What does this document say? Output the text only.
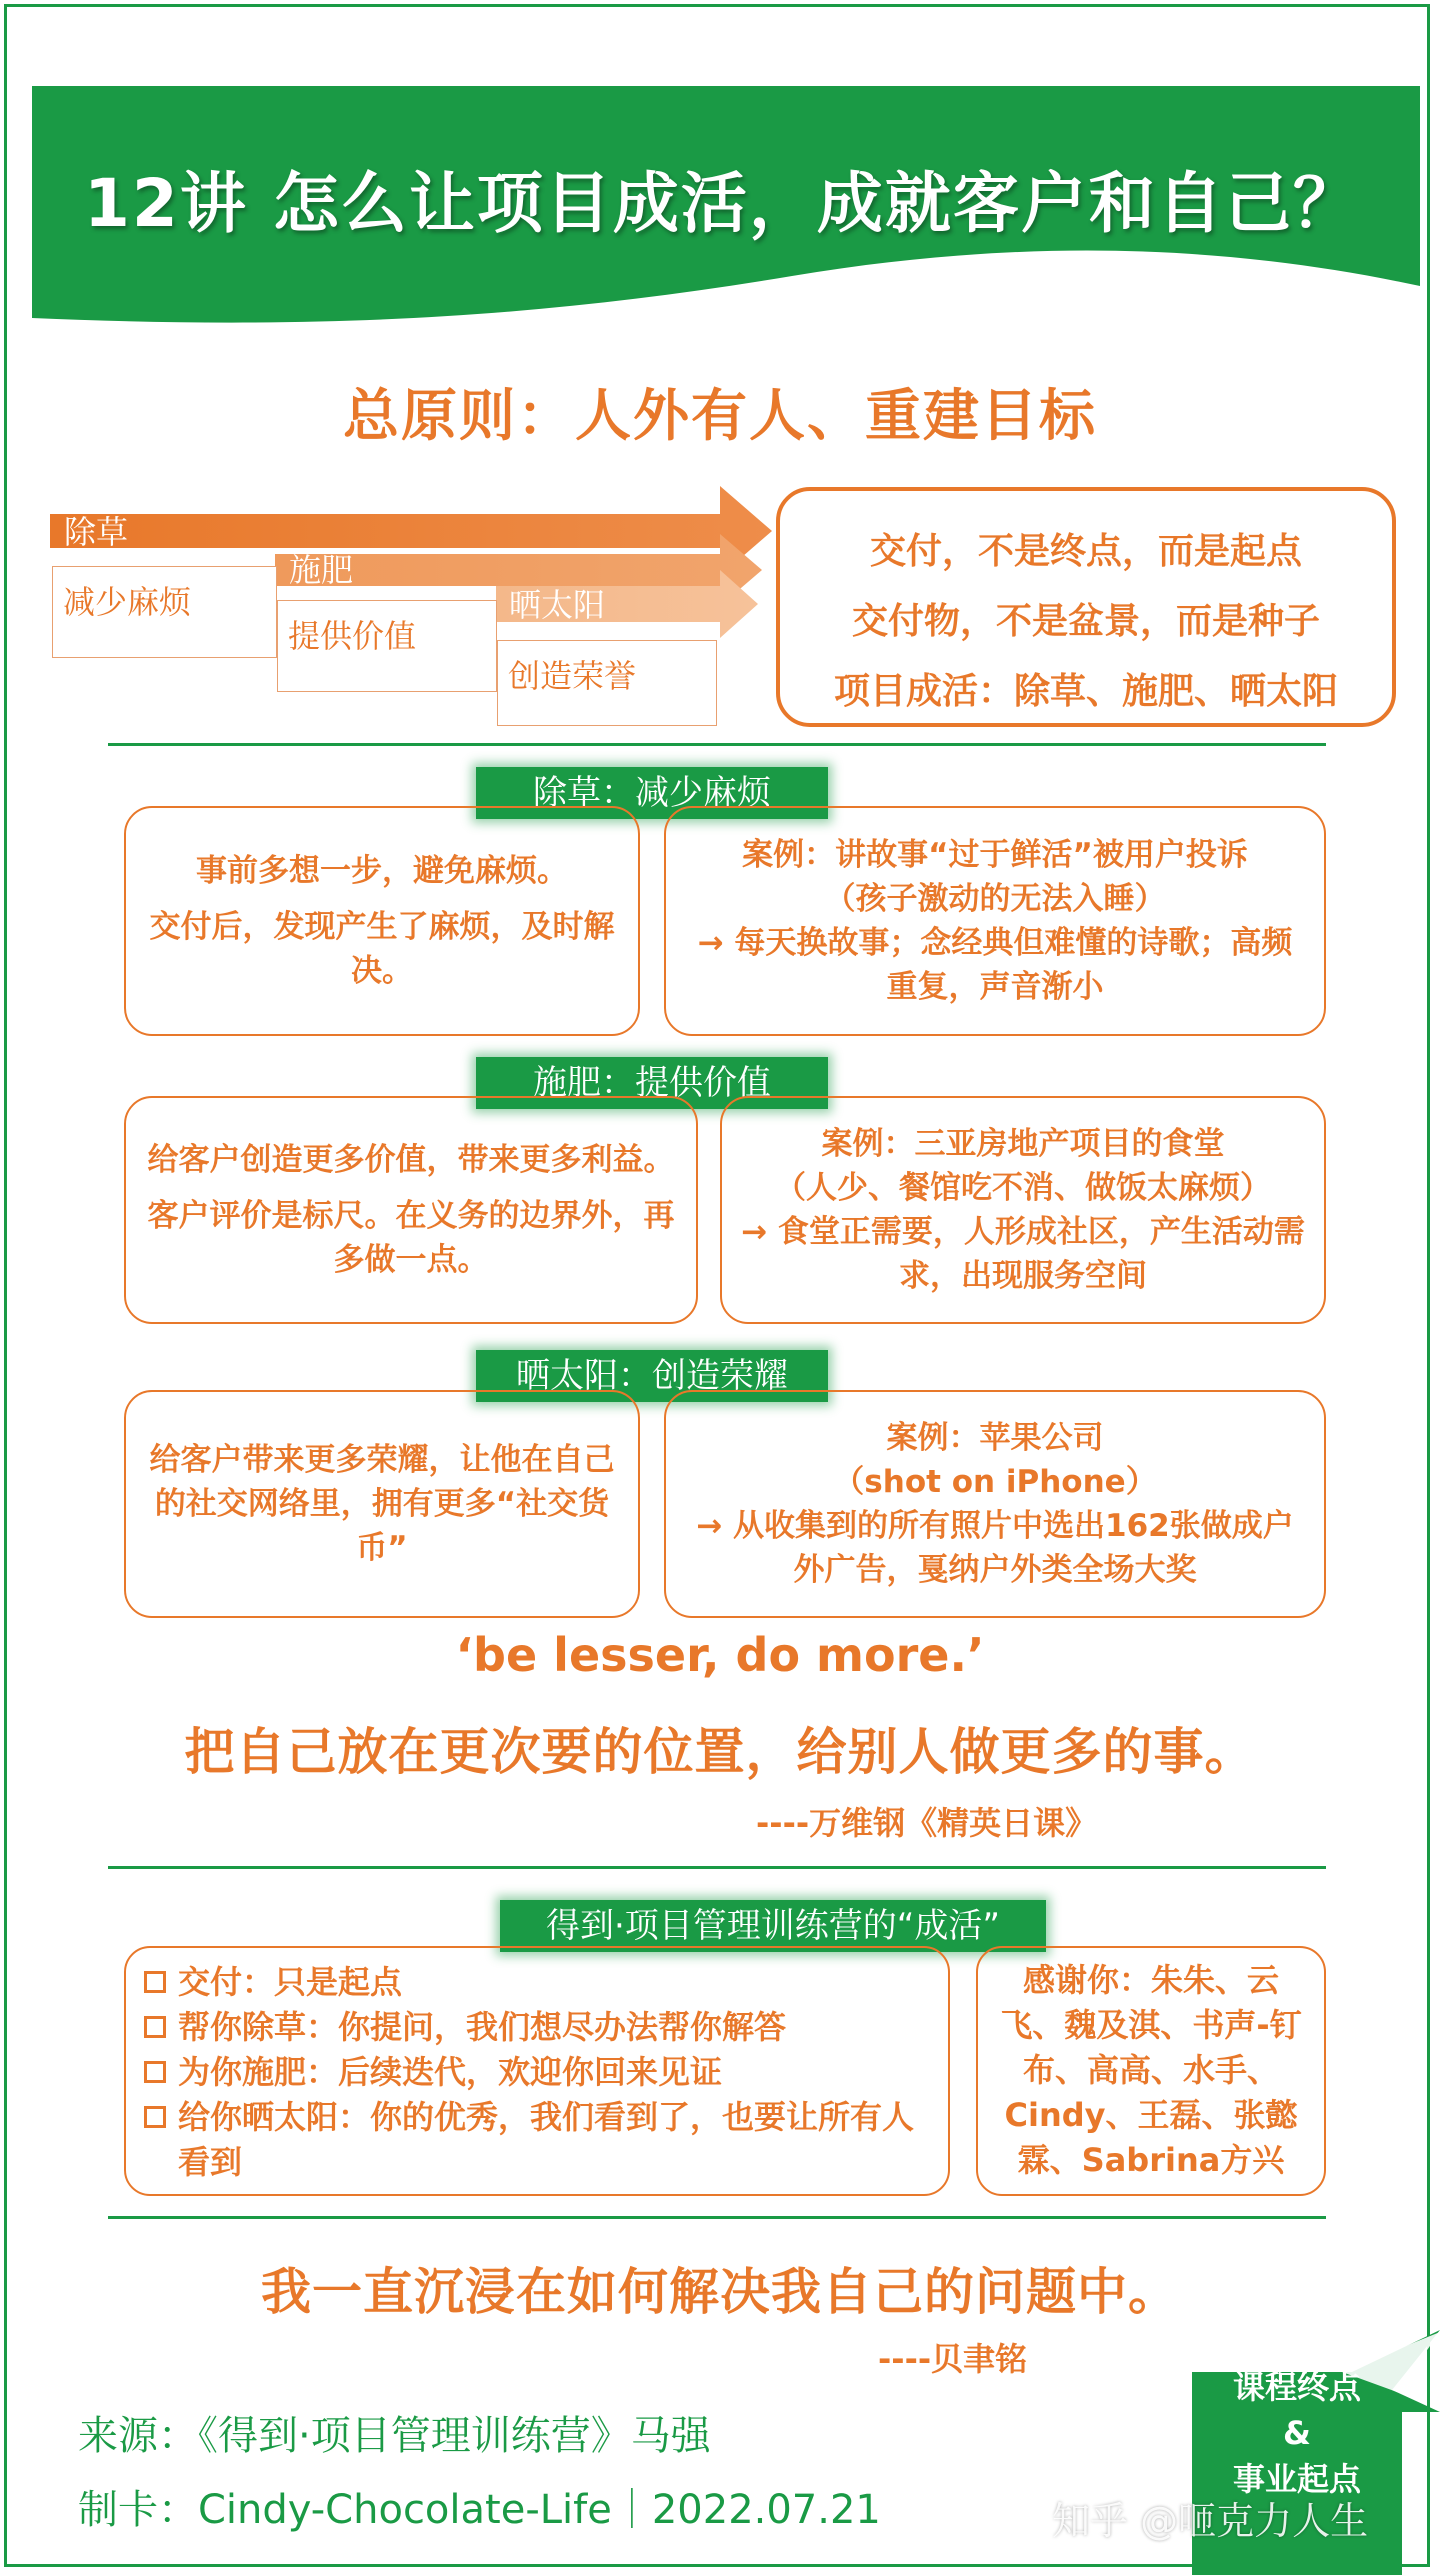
12讲 怎么让项目成活，成就客户和自己？
总原则：人外有人、重建目标
除草
减少麻烦
施肥
提供价值
晒太阳
创造荣誉
交付，不是终点，而是起点
交付物，不是盆景，而是种子
项目成活：除草、施肥、晒太阳
除草：减少麻烦

事前多想一步，避免麻烦。

交付后，发现产生了麻烦，及时解决。

案例：讲故事“过于鲜活”被用户投诉

（孩子激动的无法入睡）

→ 每天换故事；念经典但难懂的诗歌；高频重复，声音渐小

施肥：提供价值

给客户创造更多价值，带来更多利益。

客户评价是标尺。在义务的边界外，再多做一点。

案例：三亚房地产项目的食堂

（人少、餐馆吃不消、做饭太麻烦）

→ 食堂正需要，人形成社区，产生活动需求，出现服务空间

晒太阳：创造荣耀

给客户带来更多荣耀，让他在自己的社交网络里，拥有更多“社交货币”

案例：苹果公司

（shot on iPhone）

→ 从收集到的所有照片中选出162张做成户外广告，戛纳户外类全场大奖

‘be lesser, do more.’
把自己放在更次要的位置，给别人做更多的事。
----万维钢《精英日课》
得到·项目管理训练营的“成活”
交付：只是起点
帮你除草：你提问，我们想尽办法帮你解答
为你施肥：后续迭代，欢迎你回来见证
给你晒太阳：你的优秀，我们看到了，也要让所有人看到
感谢你：朱朱、云飞、魏及淇、书声-钉布、高高、水手、Cindy、王磊、张懿霖、Sabrina方兴
我一直沉浸在如何解决我自己的问题中。
----贝聿铭
来源：《得到·项目管理训练营》马强
制卡：Cindy-Chocolate-Life｜2022.07.21
课程终点
&
事业起点
知乎 @咂克力人生
